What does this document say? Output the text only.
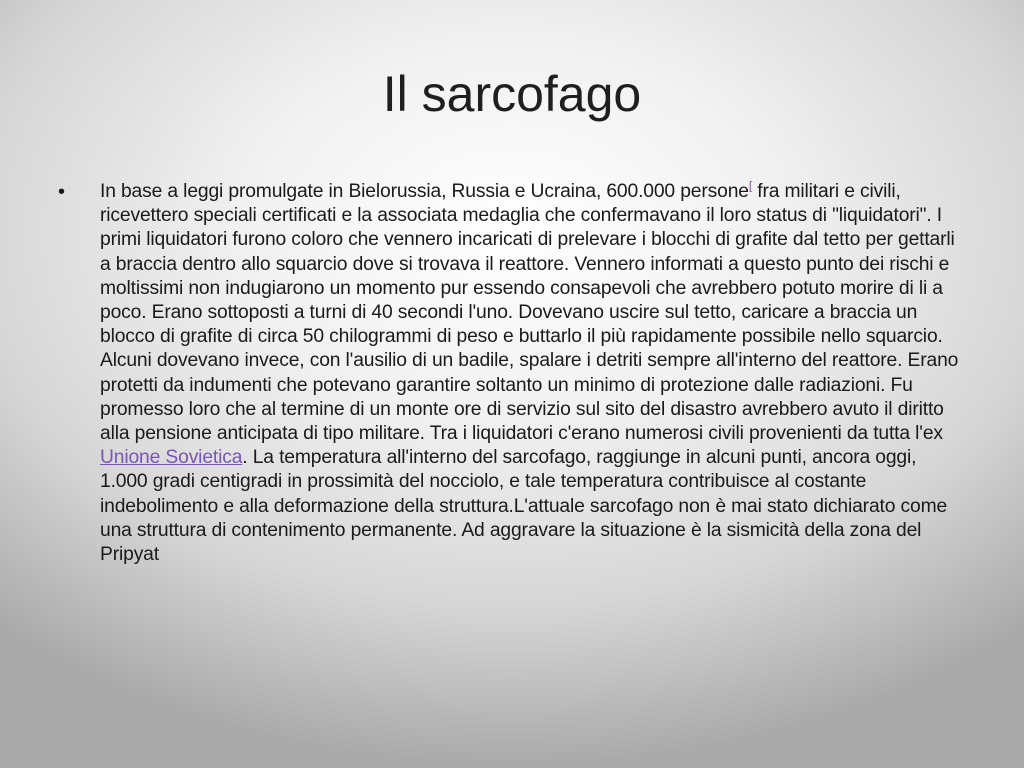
Il sarcofago
•	In base a leggi promulgate in Bielorussia, Russia e Ucraina, 600.000 persone[ fra militari e civili, ricevettero speciali certificati e la associata medaglia che confermavano il loro status di "liquidatori". I primi liquidatori furono coloro che vennero incaricati di prelevare i blocchi di grafite dal tetto per gettarli a braccia dentro allo squarcio dove si trovava il reattore. Vennero informati a questo punto dei rischi e moltissimi non indugiarono un momento pur essendo consapevoli che avrebbero potuto morire di li a poco. Erano sottoposti a turni di 40 secondi l'uno. Dovevano uscire sul tetto, caricare a braccia un blocco di grafite di circa 50 chilogrammi di peso e buttarlo il più rapidamente possibile nello squarcio. Alcuni dovevano invece, con l'ausilio di un badile, spalare i detriti sempre all'interno del reattore. Erano protetti da indumenti che potevano garantire soltanto un minimo di protezione dalle radiazioni. Fu promesso loro che al termine di un monte ore di servizio sul sito del disastro avrebbero avuto il diritto alla pensione anticipata di tipo militare. Tra i liquidatori c'erano numerosi civili provenienti da tutta l'ex Unione Sovietica. La temperatura all'interno del sarcofago, raggiunge in alcuni punti, ancora oggi, 1.000 gradi centigradi in prossimità del nocciolo, e tale temperatura contribuisce al costante indebolimento e alla deformazione della struttura.L'attuale sarcofago non è mai stato dichiarato come una struttura di contenimento permanente. Ad aggravare la situazione è la sismicità della zona del Pripyat
